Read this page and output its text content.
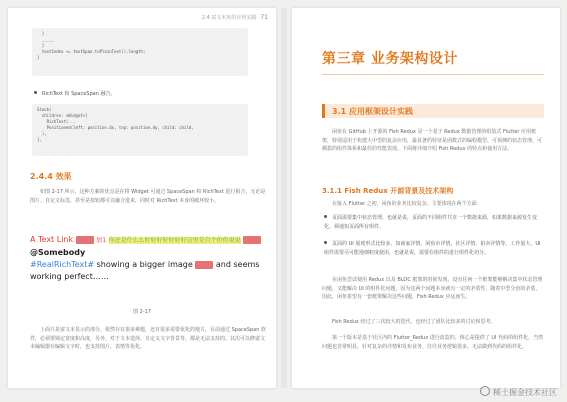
2.4 富文本库的应用实践 71
}
_____
}
textIndex += textSpan.toPlainText().length;
}
RichText 和 SpaceSpan 融合。
Stack(
children: <Widget>[
RichText(...
Positioned(left: position.dx, top: position.dy, child: child,
),
],
2.4.4 效果
如图 2-17 所示，这种方案的优点是在将 Widget 可通过 SpaceSpan 和 RichText 进行相合，无论是图片、自定义标签，甚至是按钮都可以融合进来，同时对 RichText 本身的破坏较小。
A Text Link	加1 你还是什么么好好好好好好好这里是自个价价说说  @Somebody
#RealRichText# showing a bigger image  and seems working perfect……
图 2-17
上面只是富文本显示的部分，依然存在很多难题，还有很多需要优化的地方，目前通过 SpaceSpan 软件，必须要锁定宽度和高度，另外，对于文本选择、自定义文字背景等，都是无法支持的。其次可以修富文本编辑器在编辑文字时，也支持图片、表情等优化。
第三章 业务架构设计
3.1 应用框架设计实践
闲鱼在 GitHub 上开源的 Fish Redux 是一个基于 Redux 数据管理的组装式 Flutter 应用框架，特别适用于构建大中型的复杂应用，最显著的特征是函数式的编程模型、可预测的状态管理、可插拔的组件体系和最佳的性能表现。下面将详细介绍 Fish Redux 的特点和使用方法。
3.1.1 Fish Redux 开源背景及技术架构
在接入 Flutter 之初，闲鱼的业务比较复杂，主要体现在两个方面：
页面需要集中状态管理，也就是说，页面的不同组件共享一个数据来源，如果数据来源发生变化，须通知页面所有组件。
页面的 UI 展现形式比较多，如商家详情、闲鱼市详情、社区详情、拍卖详情等，工作量大，UI 组件需要尽可能地细粒度使用，也就是说，需要在组件的进行组件化切分。
在闲鱼尝试使用 Redux 以及 BLOC 框架的时候发现，没有任何一个框架能够解决集中状态管理问题，又能解决 UI 的组件化问题。因为这两个问题本身就有一定的矛盾性，随着中型分治的矛盾，因此，闲鱼希望有一套框架解决这些问题，Fish Redux 应运而生。
Fish Redux 经过了三次较大的迭代，也经过了团队比较多的讨论和思考。
第一个版本是基于社区内的 Flutter_Redux 进行改造的，核心是提供了 UI 代码的组件化，当然问题也非常明显，针对复杂的详情和发布业务，往往业务逻辑很多，无法做到代码的组件化。
稀土掘金技术社区
